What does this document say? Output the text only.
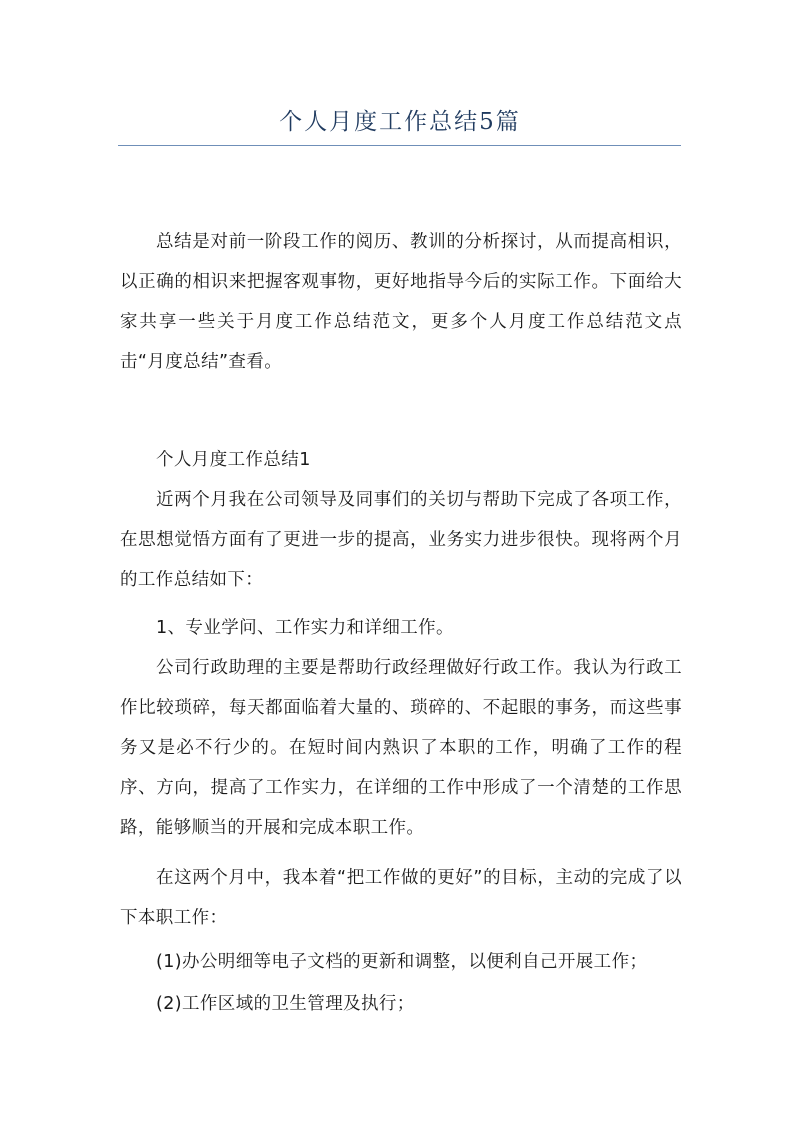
个人月度工作总结5篇

总结是对前一阶段工作的阅历、教训的分析探讨，从而提高相识，以正确的相识来把握客观事物，更好地指导今后的实际工作。下面给大家共享一些关于月度工作总结范文，更多个人月度工作总结范文点击“月度总结”查看。

个人月度工作总结1

近两个月我在公司领导及同事们的关切与帮助下完成了各项工作，在思想觉悟方面有了更进一步的提高，业务实力进步很快。现将两个月的工作总结如下：

1、专业学问、工作实力和详细工作。

公司行政助理的主要是帮助行政经理做好行政工作。我认为行政工作比较琐碎，每天都面临着大量的、琐碎的、不起眼的事务，而这些事务又是必不行少的。在短时间内熟识了本职的工作，明确了工作的程序、方向，提高了工作实力，在详细的工作中形成了一个清楚的工作思路，能够顺当的开展和完成本职工作。

在这两个月中，我本着“把工作做的更好”的目标，主动的完成了以下本职工作：

(1)办公明细等电子文档的更新和调整，以便利自己开展工作；

(2)工作区域的卫生管理及执行；
